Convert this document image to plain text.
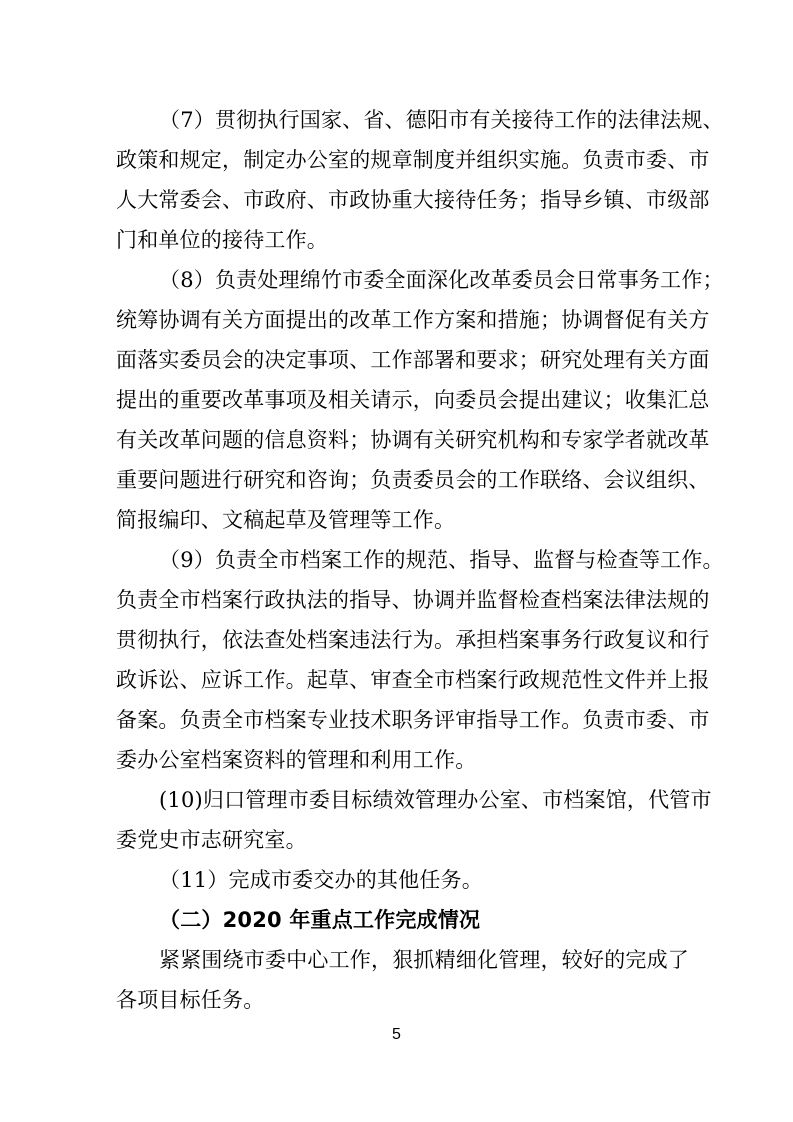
（7）贯彻执行国家、省、德阳市有关接待工作的法律法规、
政策和规定，制定办公室的规章制度并组织实施。负责市委、市
人大常委会、市政府、市政协重大接待任务；指导乡镇、市级部
门和单位的接待工作。
（8）负责处理绵竹市委全面深化改革委员会日常事务工作；
统筹协调有关方面提出的改革工作方案和措施；协调督促有关方
面落实委员会的决定事项、工作部署和要求；研究处理有关方面
提出的重要改革事项及相关请示，向委员会提出建议；收集汇总
有关改革问题的信息资料；协调有关研究机构和专家学者就改革
重要问题进行研究和咨询；负责委员会的工作联络、会议组织、
简报编印、文稿起草及管理等工作。
（9）负责全市档案工作的规范、指导、监督与检查等工作。
负责全市档案行政执法的指导、协调并监督检查档案法律法规的
贯彻执行，依法查处档案违法行为。承担档案事务行政复议和行
政诉讼、应诉工作。起草、审查全市档案行政规范性文件并上报
备案。负责全市档案专业技术职务评审指导工作。负责市委、市
委办公室档案资料的管理和利用工作。
(10)归口管理市委目标绩效管理办公室、市档案馆，代管市
委党史市志研究室。
（11）完成市委交办的其他任务。
（二）2020 年重点工作完成情况
紧紧围绕市委中心工作，狠抓精细化管理，较好的完成了
各项目标任务。
5
